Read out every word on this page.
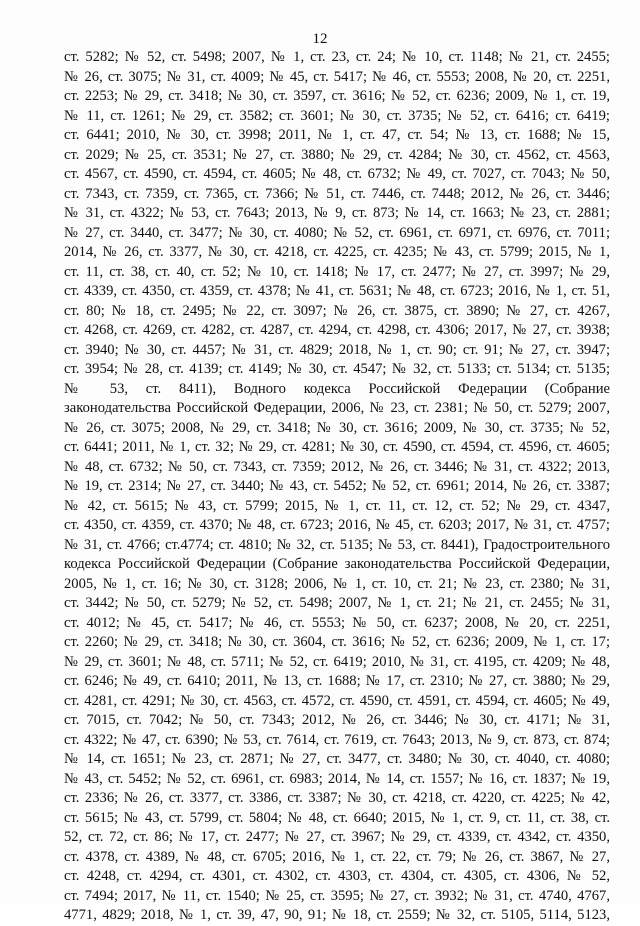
12
ст. 5282; № 52, ст. 5498; 2007, № 1, ст. 23, ст. 24; № 10, ст. 1148; № 21, ст. 2455;
№ 26, ст. 3075; № 31, ст. 4009; № 45, ст. 5417; № 46, ст. 5553; 2008, № 20, ст. 2251,
ст. 2253; № 29, ст. 3418; № 30, ст. 3597, ст. 3616; № 52, ст. 6236; 2009, № 1, ст. 19,
№ 11, ст. 1261; № 29, ст. 3582; ст. 3601; № 30, ст. 3735; № 52, ст. 6416; ст. 6419;
ст. 6441; 2010, № 30, ст. 3998; 2011, № 1, ст. 47, ст. 54; № 13, ст. 1688; № 15,
ст. 2029; № 25, ст. 3531; № 27, ст. 3880; № 29, ст. 4284; № 30, ст. 4562, ст. 4563,
ст. 4567, ст. 4590, ст. 4594, ст. 4605; № 48, ст. 6732; № 49, ст. 7027, ст. 7043; № 50,
ст. 7343, ст. 7359, ст. 7365, ст. 7366; № 51, ст. 7446, ст. 7448; 2012, № 26, ст. 3446;
№ 31, ст. 4322; № 53, ст. 7643; 2013, № 9, ст. 873; № 14, ст. 1663; № 23, ст. 2881;
№ 27, ст. 3440, ст. 3477; № 30, ст. 4080; № 52, ст. 6961, ст. 6971, ст. 6976, ст. 7011;
2014, № 26, ст. 3377, № 30, ст. 4218, ст. 4225, ст. 4235; № 43, ст. 5799; 2015, № 1,
ст. 11, ст. 38, ст. 40, ст. 52; № 10, ст. 1418; № 17, ст. 2477; № 27, ст. 3997; № 29,
ст. 4339, ст. 4350, ст. 4359, ст. 4378; № 41, ст. 5631; № 48, ст. 6723; 2016, № 1, ст. 51,
ст. 80; № 18, ст. 2495; № 22, ст. 3097; № 26, ст. 3875, ст. 3890; № 27, ст. 4267,
ст. 4268, ст. 4269, ст. 4282, ст. 4287, ст. 4294, ст. 4298, ст. 4306; 2017, № 27, ст. 3938;
ст. 3940; № 30, ст. 4457; № 31, ст. 4829; 2018, № 1, ст. 90; ст. 91; № 27, ст. 3947;
ст. 3954; № 28, ст. 4139; ст. 4149; № 30, ст. 4547; № 32, ст. 5133; ст. 5134; ст. 5135;
№ 53, ст. 8411), Водного кодекса Российской Федерации (Собрание
законодательства Российской Федерации, 2006, № 23, ст. 2381; № 50, ст. 5279; 2007,
№ 26, ст. 3075; 2008, № 29, ст. 3418; № 30, ст. 3616; 2009, № 30, ст. 3735; № 52,
ст. 6441; 2011, № 1, ст. 32; № 29, ст. 4281; № 30, ст. 4590, ст. 4594, ст. 4596, ст. 4605;
№ 48, ст. 6732; № 50, ст. 7343, ст. 7359; 2012, № 26, ст. 3446; № 31, ст. 4322; 2013,
№ 19, ст. 2314; № 27, ст. 3440; № 43, ст. 5452; № 52, ст. 6961; 2014, № 26, ст. 3387;
№ 42, ст. 5615; № 43, ст. 5799; 2015, № 1, ст. 11, ст. 12, ст. 52; № 29, ст. 4347,
ст. 4350, ст. 4359, ст. 4370; № 48, ст. 6723; 2016, № 45, ст. 6203; 2017, № 31, ст. 4757;
№ 31, ст. 4766; ст.4774; ст. 4810; № 32, ст. 5135; № 53, ст. 8441), Градостроительного
кодекса Российской Федерации (Собрание законодательства Российской Федерации,
2005, № 1, ст. 16; № 30, ст. 3128; 2006, № 1, ст. 10, ст. 21; № 23, ст. 2380; № 31,
ст. 3442; № 50, ст. 5279; № 52, ст. 5498; 2007, № 1, ст. 21; № 21, ст. 2455; № 31,
ст. 4012; № 45, ст. 5417; № 46, ст. 5553; № 50, ст. 6237; 2008, № 20, ст. 2251,
ст. 2260; № 29, ст. 3418; № 30, ст. 3604, ст. 3616; № 52, ст. 6236; 2009, № 1, ст. 17;
№ 29, ст. 3601; № 48, ст. 5711; № 52, ст. 6419; 2010, № 31, ст. 4195, ст. 4209; № 48,
ст. 6246; № 49, ст. 6410; 2011, № 13, ст. 1688; № 17, ст. 2310; № 27, ст. 3880; № 29,
ст. 4281, ст. 4291; № 30, ст. 4563, ст. 4572, ст. 4590, ст. 4591, ст. 4594, ст. 4605; № 49,
ст. 7015, ст. 7042; № 50, ст. 7343; 2012, № 26, ст. 3446; № 30, ст. 4171; № 31,
ст. 4322; № 47, ст. 6390; № 53, ст. 7614, ст. 7619, ст. 7643; 2013, № 9, ст. 873, ст. 874;
№ 14, ст. 1651; № 23, ст. 2871; № 27, ст. 3477, ст. 3480; № 30, ст. 4040, ст. 4080;
№ 43, ст. 5452; № 52, ст. 6961, ст. 6983; 2014, № 14, ст. 1557; № 16, ст. 1837; № 19,
ст. 2336; № 26, ст. 3377, ст. 3386, ст. 3387; № 30, ст. 4218, ст. 4220, ст. 4225; № 42,
ст. 5615; № 43, ст. 5799, ст. 5804; № 48, ст. 6640; 2015, № 1, ст. 9, ст. 11, ст. 38, ст.
52, ст. 72, ст. 86; № 17, ст. 2477; № 27, ст. 3967; № 29, ст. 4339, ст. 4342, ст. 4350,
ст. 4378, ст. 4389, № 48, ст. 6705; 2016, № 1, ст. 22, ст. 79; № 26, ст. 3867, № 27,
ст. 4248, ст. 4294, ст. 4301, ст. 4302, ст. 4303, ст. 4304, ст. 4305, ст. 4306, № 52,
ст. 7494; 2017, № 11, ст. 1540; № 25, ст. 3595; № 27, ст. 3932; № 31, ст. 4740, 4767,
4771, 4829; 2018, № 1, ст. 39, 47, 90, 91; № 18, ст. 2559; № 32, ст. 5105, 5114, 5123,
